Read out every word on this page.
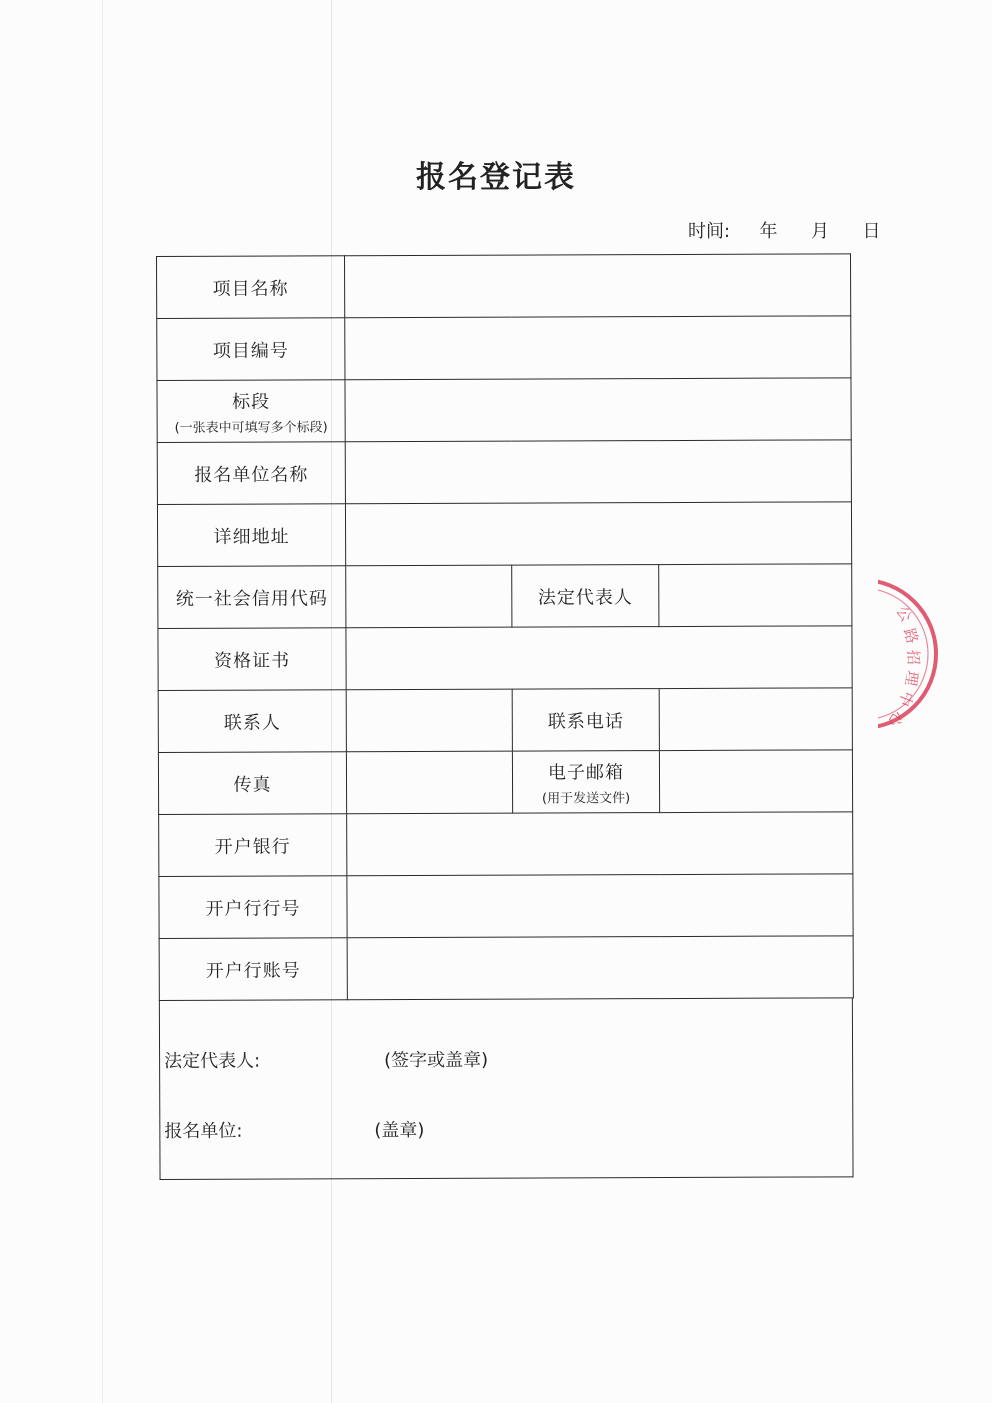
报名登记表
时间: 年 月 日
项目名称			
项目编号			

标段
(一张表中可填写多个标段)			

报名单位名称			
详细地址			
统一社会信用代码		法定代表人	
资格证书			
联系人		联系电话	
传真		电子邮箱
(用于发送文件)	

开户银行			
开户行行号			
开户行账号			
法定代表人:	(签字或盖章)
报名单位:	(盖章)
公
路
招
理
中
心
